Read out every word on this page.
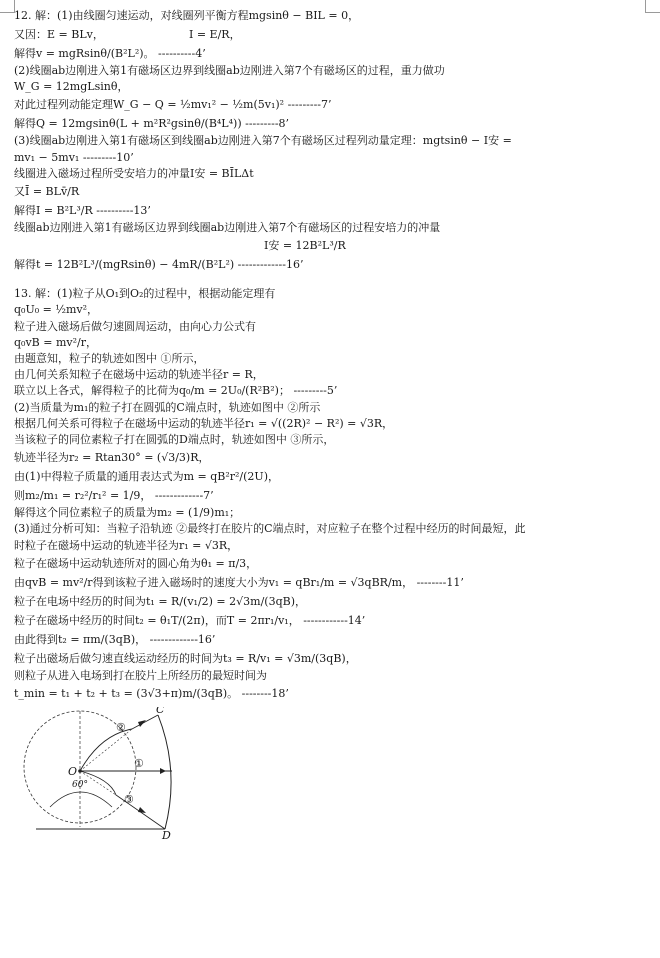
12. 解：(1)由线圈匀速运动，对线圈列平衡方程mgsinθ − BIL = 0，
又因：E = BLv，	I = E/R，
解得v = mgRsinθ/(B²L²)。 ----------4’
(2)线圈ab边刚进入第1有磁场区边界到线圈ab边刚进入第7个有磁场区的过程，重力做功
W_G = 12mgLsinθ，
对此过程列动能定理W_G − Q = ½mv₁² − ½m(5v₁)² ---------7’
解得Q = 12mgsinθ(L + m²R²gsinθ/(B⁴L⁴)) ---------8’
(3)线圈ab边刚进入第1有磁场区到线圈ab边刚进入第7个有磁场区过程列动量定理：mgtsinθ − I安 =
mv₁ − 5mv₁ ---------10’
线圈进入磁场过程所受安培力的冲量I安 = BĪLΔt
又Ī = BLv̄/R
解得I = B²L³/R ----------13’
线圈ab边刚进入第1有磁场区边界到线圈ab边刚进入第7个有磁场区的过程安培力的冲量
I安 = 12B²L³/R

解得t = 12B²L³/(mgRsinθ) − 4mR/(B²L²) -------------16’
13. 解：(1)粒子从O₁到O₂的过程中，根据动能定理有
q₀U₀ = ½mv²，
粒子进入磁场后做匀速圆周运动，由向心力公式有
q₀vB = mv²/r，
由题意知，粒子的轨迹如图中 ①所示，
由几何关系知粒子在磁场中运动的轨迹半径r = R，
联立以上各式，解得粒子的比荷为q₀/m = 2U₀/(R²B²)； ---------5’
(2)当质量为m₁的粒子打在圆弧的C端点时，轨迹如图中 ②所示
根据几何关系可得粒子在磁场中运动的轨迹半径r₁ = √((2R)² − R²) = √3R，
当该粒子的同位素粒子打在圆弧的D端点时，轨迹如图中 ③所示，
轨迹半径为r₂ = Rtan30° = (√3/3)R，
由(1)中得粒子质量的通用表达式为m = qB²r²/(2U)，
则m₂/m₁ = r₂²/r₁² = 1/9， -------------7’
解得这个同位素粒子的质量为m₂ = (1/9)m₁；
(3)通过分析可知：当粒子沿轨迹 ②最终打在胶片的C端点时，对应粒子在整个过程中经历的时间最短，此
时粒子在磁场中运动的轨迹半径为r₁ = √3R，
粒子在磁场中运动轨迹所对的圆心角为θ₁ = π/3，
由qvB = mv²/r得到该粒子进入磁场时的速度大小为v₁ = qBr₁/m = √3qBR/m， --------11’
粒子在电场中经历的时间为t₁ = R/(v₁/2) = 2√3m/(3qB)，
粒子在磁场中经历的时间t₂ = θ₁T/(2π)，而T = 2πr₁/v₁， ------------14’
由此得到t₂ = πm/(3qB)， -------------16’
粒子出磁场后做匀速直线运动经历的时间为t₃ = R/v₁ = √3m/(3qB)，
则粒子从进入电场到打在胶片上所经历的最短时间为
t_min = t₁ + t₂ + t₃ = (3√3+π)m/(3qB)。 --------18’
O
60°
C
D
①
②
③
